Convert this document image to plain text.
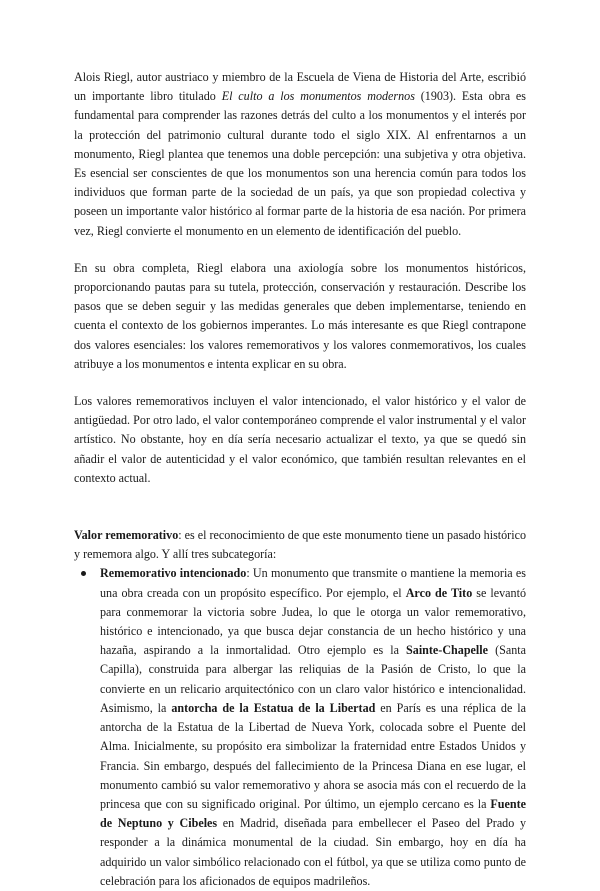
Alois Riegl, autor austriaco y miembro de la Escuela de Viena de Historia del Arte, escribió un importante libro titulado El culto a los monumentos modernos (1903). Esta obra es fundamental para comprender las razones detrás del culto a los monumentos y el interés por la protección del patrimonio cultural durante todo el siglo XIX. Al enfrentarnos a un monumento, Riegl plantea que tenemos una doble percepción: una subjetiva y otra objetiva. Es esencial ser conscientes de que los monumentos son una herencia común para todos los individuos que forman parte de la sociedad de un país, ya que son propiedad colectiva y poseen un importante valor histórico al formar parte de la historia de esa nación. Por primera vez, Riegl convierte el monumento en un elemento de identificación del pueblo.

En su obra completa, Riegl elabora una axiología sobre los monumentos históricos, proporcionando pautas para su tutela, protección, conservación y restauración. Describe los pasos que se deben seguir y las medidas generales que deben implementarse, teniendo en cuenta el contexto de los gobiernos imperantes. Lo más interesante es que Riegl contrapone dos valores esenciales: los valores rememorativos y los valores conmemorativos, los cuales atribuye a los monumentos e intenta explicar en su obra.

Los valores rememorativos incluyen el valor intencionado, el valor histórico y el valor de antigüedad. Por otro lado, el valor contemporáneo comprende el valor instrumental y el valor artístico. No obstante, hoy en día sería necesario actualizar el texto, ya que se quedó sin añadir el valor de autenticidad y el valor económico, que también resultan relevantes en el contexto actual.

Valor rememorativo: es el reconocimiento de que este monumento tiene un pasado histórico y rememora algo. Y allí tres subcategoría:

Rememorativo intencionado: Un monumento que transmite o mantiene la memoria es una obra creada con un propósito específico. Por ejemplo, el Arco de Tito se levantó para conmemorar la victoria sobre Judea, lo que le otorga un valor rememorativo, histórico e intencionado, ya que busca dejar constancia de un hecho histórico y una hazaña, aspirando a la inmortalidad. Otro ejemplo es la Sainte-Chapelle (Santa Capilla), construida para albergar las reliquias de la Pasión de Cristo, lo que la convierte en un relicario arquitectónico con un claro valor histórico e intencionalidad. Asimismo, la antorcha de la Estatua de la Libertad en París es una réplica de la antorcha de la Estatua de la Libertad de Nueva York, colocada sobre el Puente del Alma. Inicialmente, su propósito era simbolizar la fraternidad entre Estados Unidos y Francia. Sin embargo, después del fallecimiento de la Princesa Diana en ese lugar, el monumento cambió su valor rememorativo y ahora se asocia más con el recuerdo de la princesa que con su significado original. Por último, un ejemplo cercano es la Fuente de Neptuno y Cibeles en Madrid, diseñada para embellecer el Paseo del Prado y responder a la dinámica monumental de la ciudad. Sin embargo, hoy en día ha adquirido un valor simbólico relacionado con el fútbol, ya que se utiliza como punto de celebración para los aficionados de equipos madrileños.
